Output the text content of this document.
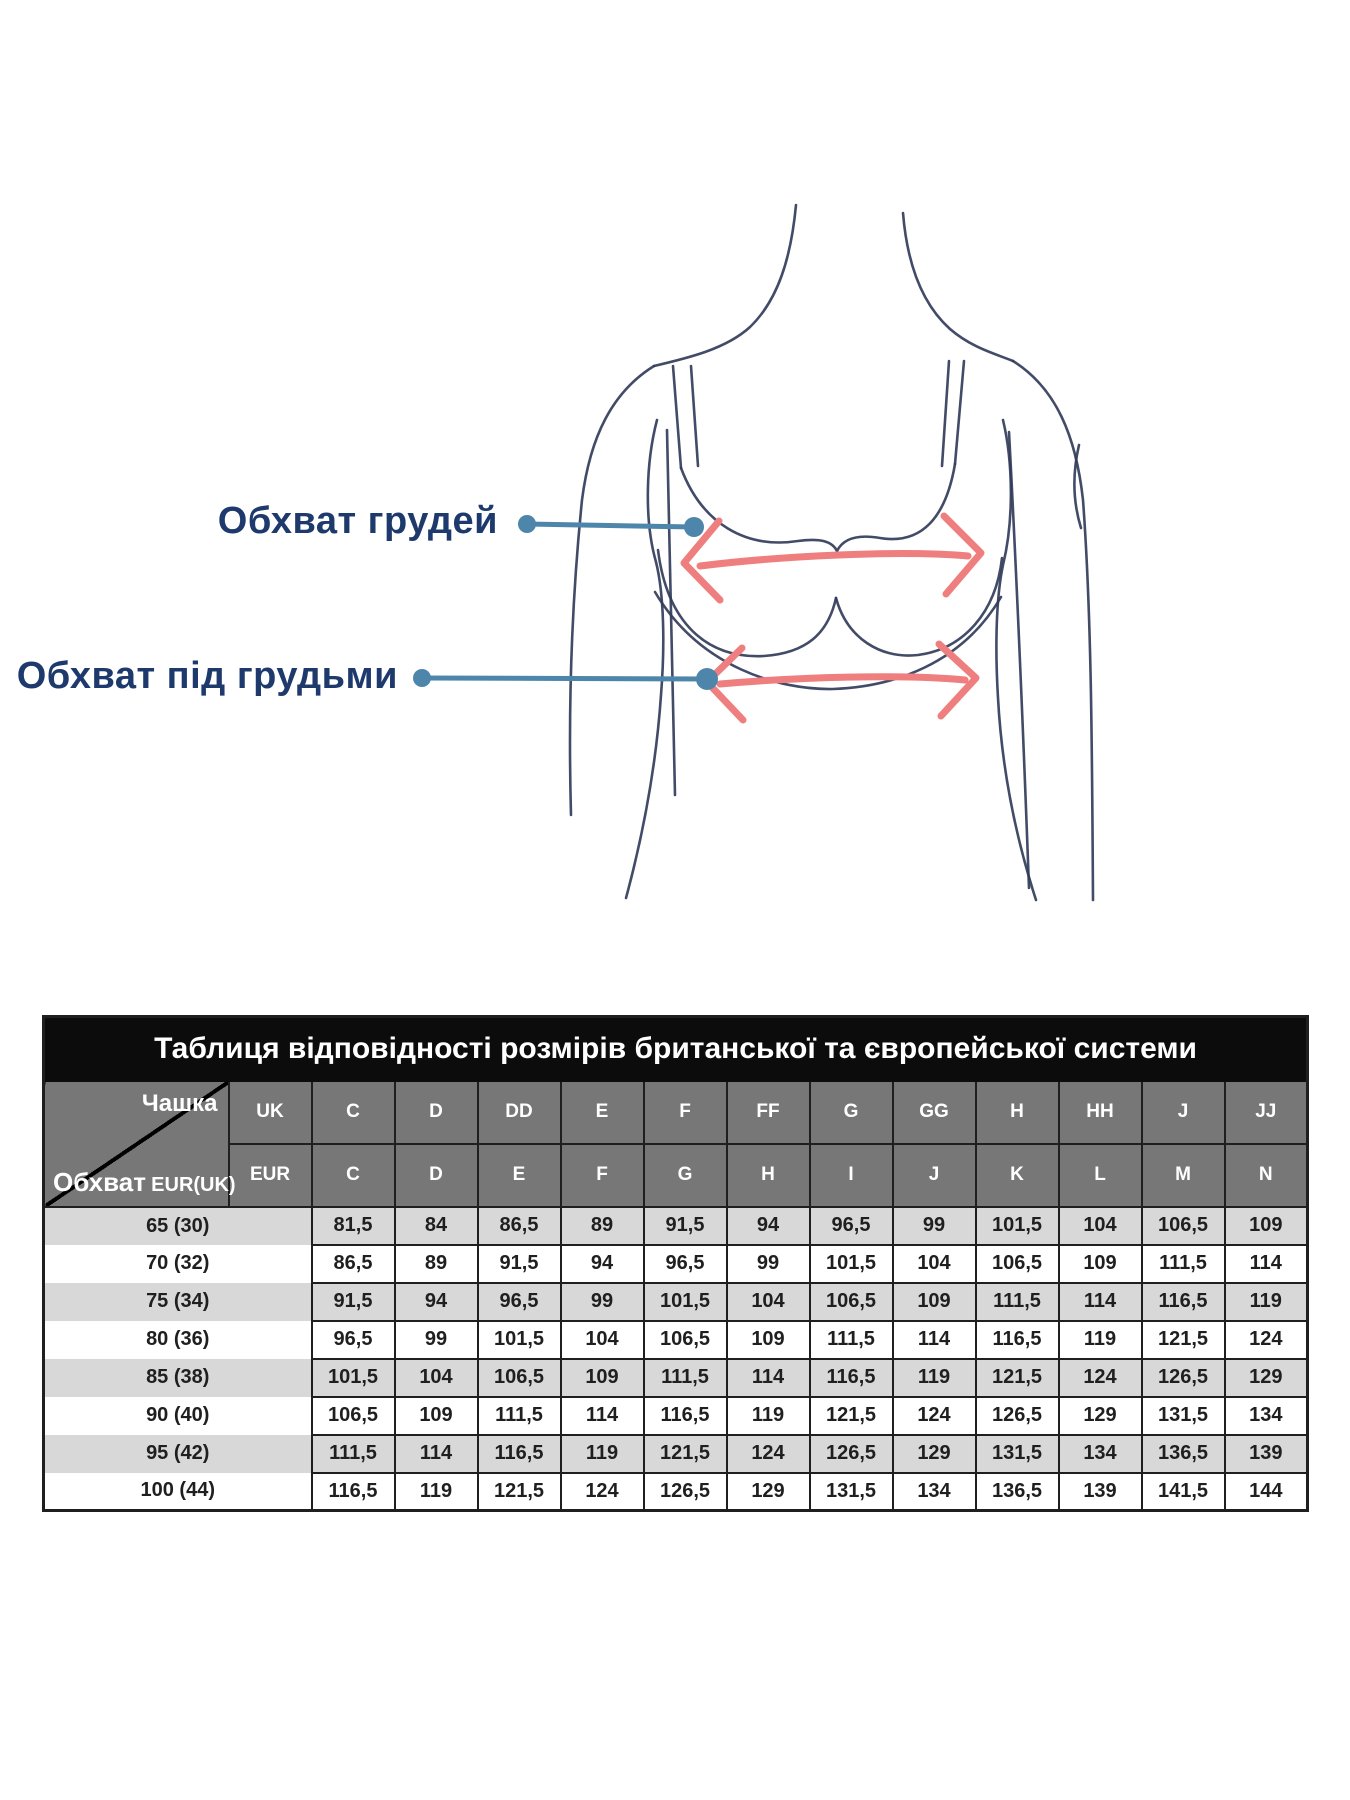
Обхват грудей
Обхват під грудьми
Таблиця відповідності розмірів британської та європейської системи													

Чашка
Обхват  EUR(UK)	UK	C	D	DD	E	F	FF	G	GG	H	HH	J	JJ
	EUR	C	D	E	F	G	H	I	J	K	L	M	N
65 (30)		81,5	84	86,5	89	91,5	94	96,5	99	101,5	104	106,5	109
70 (32)		86,5	89	91,5	94	96,5	99	101,5	104	106,5	109	111,5	114
75 (34)		91,5	94	96,5	99	101,5	104	106,5	109	111,5	114	116,5	119
80 (36)		96,5	99	101,5	104	106,5	109	111,5	114	116,5	119	121,5	124
85 (38)		101,5	104	106,5	109	111,5	114	116,5	119	121,5	124	126,5	129
90 (40)		106,5	109	111,5	114	116,5	119	121,5	124	126,5	129	131,5	134
95 (42)		111,5	114	116,5	119	121,5	124	126,5	129	131,5	134	136,5	139
100 (44)		116,5	119	121,5	124	126,5	129	131,5	134	136,5	139	141,5	144
